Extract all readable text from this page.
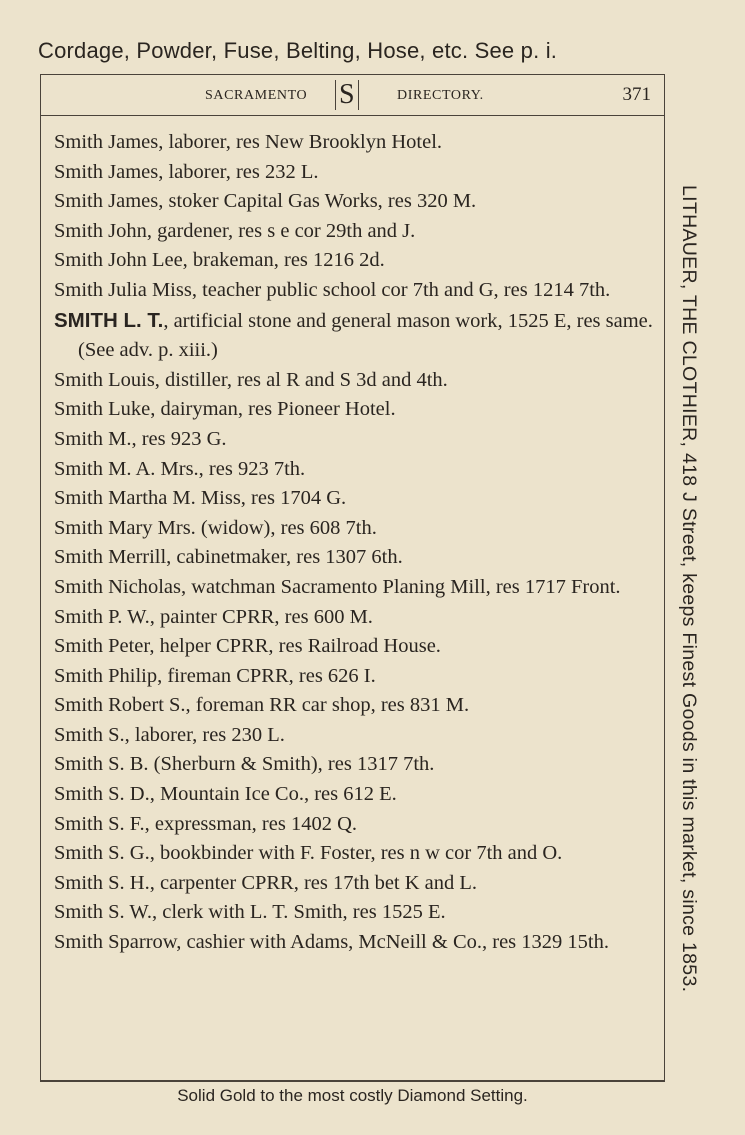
Cordage, Powder, Fuse, Belting, Hose, etc. See p. i.
SACRAMENTO S	DIRECTORY.	371
Smith James, laborer, res New Brooklyn Hotel.
Smith James, laborer, res 232 L.
Smith James, stoker Capital Gas Works, res 320 M.
Smith John, gardener, res s e cor 29th and J.
Smith John Lee, brakeman, res 1216 2d.
Smith Julia Miss, teacher public school cor 7th and G, res 1214 7th.
SMITH L. T., artificial stone and general mason work, 1525 E, res same. (See adv. p. xiii.)
Smith Louis, distiller, res al R and S 3d and 4th.
Smith Luke, dairyman, res Pioneer Hotel.
Smith M., res 923 G.
Smith M. A. Mrs., res 923 7th.
Smith Martha M. Miss, res 1704 G.
Smith Mary Mrs. (widow), res 608 7th.
Smith Merrill, cabinetmaker, res 1307 6th.
Smith Nicholas, watchman Sacramento Planing Mill, res 1717 Front.
Smith P. W., painter CPRR, res 600 M.
Smith Peter, helper CPRR, res Railroad House.
Smith Philip, fireman CPRR, res 626 I.
Smith Robert S., foreman RR car shop, res 831 M.
Smith S., laborer, res 230 L.
Smith S. B. (Sherburn & Smith), res 1317 7th.
Smith S. D., Mountain Ice Co., res 612 E.
Smith S. F., expressman, res 1402 Q.
Smith S. G., bookbinder with F. Foster, res n w cor 7th and O.
Smith S. H., carpenter CPRR, res 17th bet K and L.
Smith S. W., clerk with L. T. Smith, res 1525 E.
Smith Sparrow, cashier with Adams, McNeill & Co., res 1329 15th.	LITHAUER, THE CLOTHIER, 418 J Street, keeps Finest Goods in this market, since 1853.
Solid Gold to the most costly Diamond Setting.
